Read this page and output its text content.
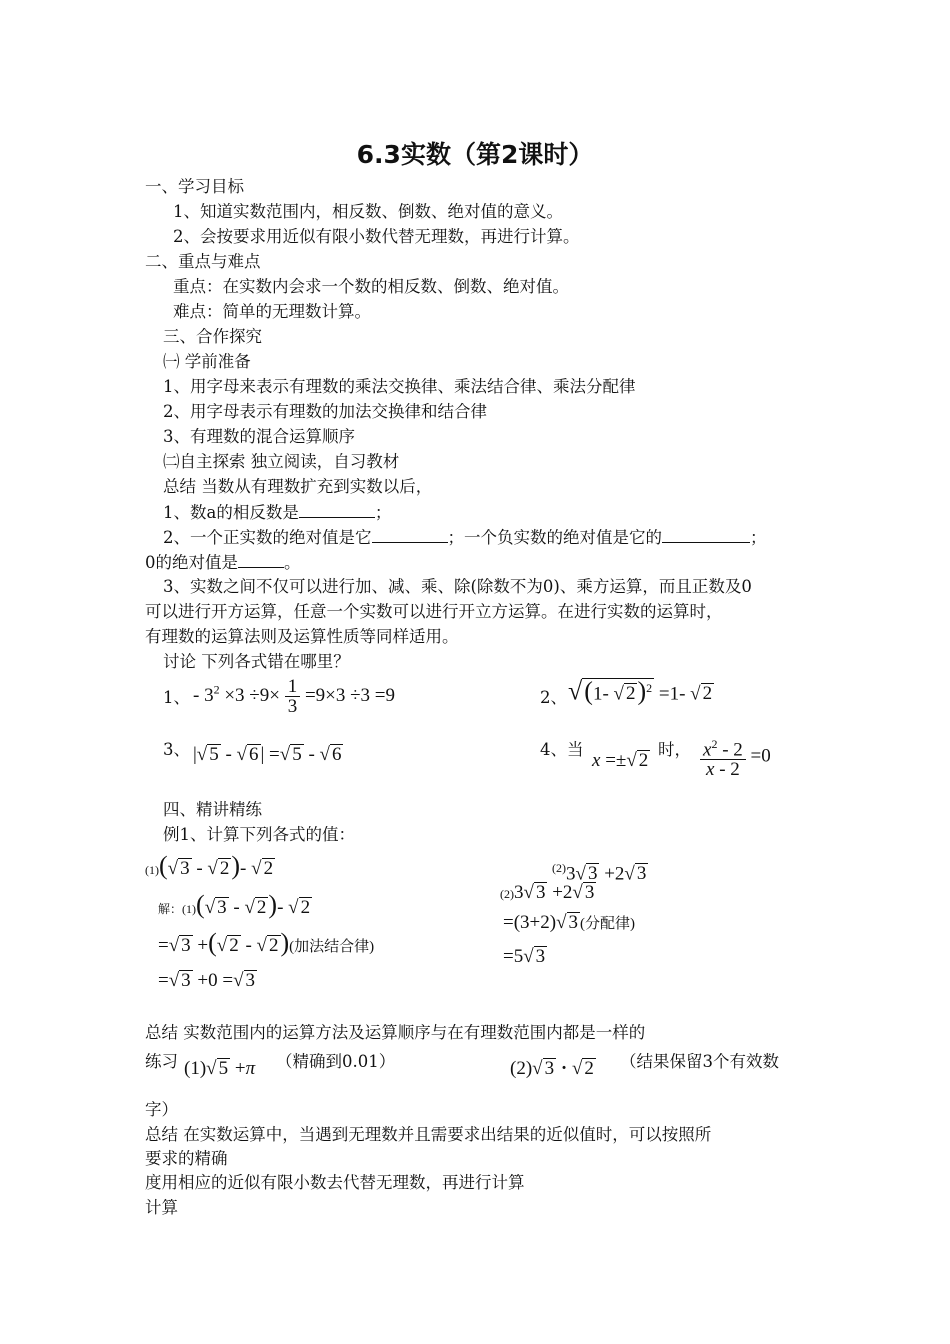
6.3实数（第2课时）
一、学习目标
1、知道实数范围内，相反数、倒数、绝对值的意义。
2、会按要求用近似有限小数代替无理数，再进行计算。
二、重点与难点
重点：在实数内会求一个数的相反数、倒数、绝对值。
难点：简单的无理数计算。
三、合作探究
㈠ 学前准备
1、用字母来表示有理数的乘法交换律、乘法结合律、乘法分配律
2、用字母表示有理数的加法交换律和结合律
3、有理数的混合运算顺序
㈡自主探索 独立阅读，自习教材
总结 当数从有理数扩充到实数以后，
1、数a的相反数是	；
2、一个正实数的绝对值是它	；一个负实数的绝对值是它的	；
0的绝对值是	。
3、实数之间不仅可以进行加、减、乘、除(除数不为0)、乘方运算，而且正数及0
可以进行开方运算，任意一个实数可以进行开立方运算。在进行实数的运算时，
有理数的运算法则及运算性质等同样适用。
讨论 下列各式错在哪里？
1、 - $3^2 \times 3 \div 9\times \frac{1}{3} =9\times 3 \div 3 =9$	2、 √(1- √ 2)$^2$ =1- √ 2
3、 |√ 5 - √ 6 | =√ 5 - √ 6	4、当
x =±√ 2
时， $\frac{x^2 - 2}{x - 2} =0$
四、精讲精练
例1、计算下列各式的值：
(1)(√ 3 - √ 2)- √ 2
解：(1)(√ 3 - √ 2)- √ 2
=√ 3 +(√ 2 - √ 2)(加法结合律)
=√ 3 +0 =√ 3
$^{(2)}$3√ 3 +2√ 3
(2)3√ 3 +2√ 3
=(3+2)√ 3 (分配律)
=5√ 3
总结 实数范围内的运算方法及运算顺序与在有理数范围内都是一样的
练习 (1)√ 5 +π （精确到0.01）	(2)√ 3 · √ 2 （结果保留3个有效数
字）
总结 在实数运算中，当遇到无理数并且需要求出结果的近似值时，可以按照所
要求的精确
度用相应的近似有限小数去代替无理数，再进行计算
计算
